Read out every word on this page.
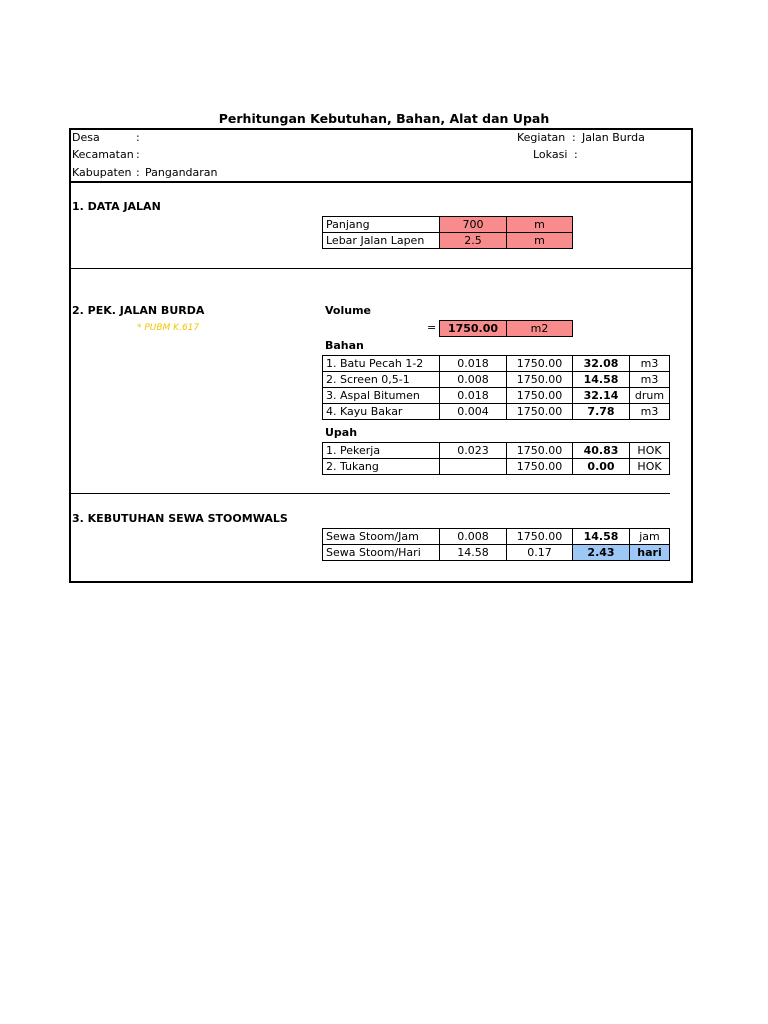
Perhitungan Kebutuhan, Bahan, Alat dan Upah
Desa	:
Kecamatan :
Kabupaten : Pangandaran
Kegiatan : Jalan Burda
Lokasi :
1. DATA JALAN
Panjang	700	m
Lebar Jalan Lapen	2.5	m
2. PEK. JALAN BURDA
* PUBM K.617
Volume
= 1750.00	m2
Bahan
1. Batu Pecah 1-2	0.018	1750.00	32.08	m3
2. Screen 0,5-1	0.008	1750.00	14.58	m3
3. Aspal Bitumen	0.018	1750.00	32.14	drum
4. Kayu Bakar	0.004	1750.00	7.78	m3
Upah
1. Pekerja	0.023	1750.00	40.83	HOK
2. Tukang		1750.00	0.00	HOK
3. KEBUTUHAN SEWA STOOMWALS
Sewa Stoom/Jam	0.008	1750.00	14.58	jam
Sewa Stoom/Hari	14.58	0.17	2.43	hari
